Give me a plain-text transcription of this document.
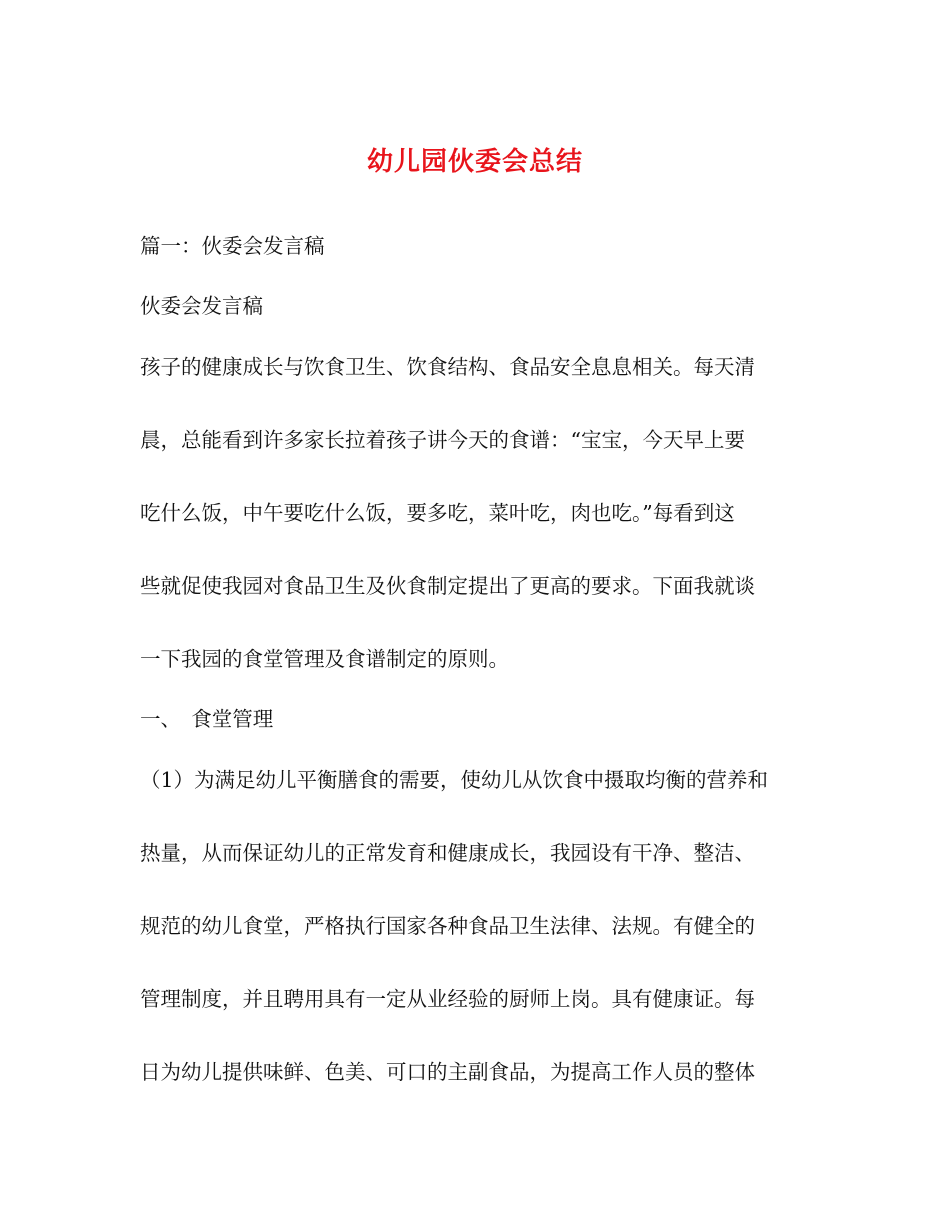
幼儿园伙委会总结
篇一：伙委会发言稿
伙委会发言稿
孩子的健康成长与饮食卫生、饮食结构、食品安全息息相关。每天清
晨，总能看到许多家长拉着孩子讲今天的食谱：“宝宝，今天早上要
吃什么饭，中午要吃什么饭，要多吃，菜叶吃，肉也吃。”每看到这
些就促使我园对食品卫生及伙食制定提出了更高的要求。下面我就谈
一下我园的食堂管理及食谱制定的原则。
一、　食堂管理
（1）为满足幼儿平衡膳食的需要，使幼儿从饮食中摄取均衡的营养和
热量，从而保证幼儿的正常发育和健康成长，我园设有干净、整洁、
规范的幼儿食堂，严格执行国家各种食品卫生法律、法规。有健全的
管理制度，并且聘用具有一定从业经验的厨师上岗。具有健康证。每
日为幼儿提供味鲜、色美、可口的主副食品，为提高工作人员的整体
